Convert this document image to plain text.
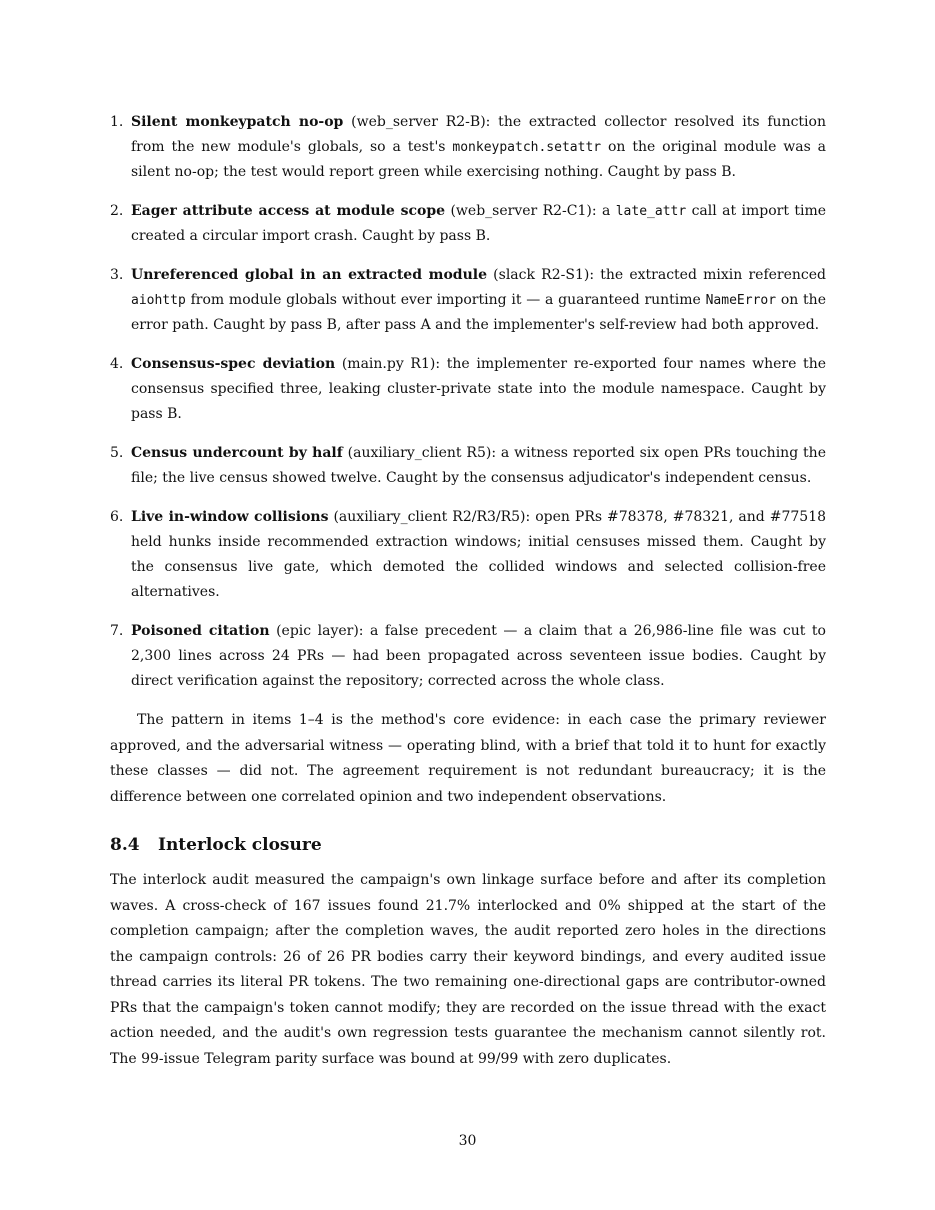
1. Silent monkeypatch no-op (web_server R2-B): the extracted collector resolved its function from the new module's globals, so a test's monkeypatch.setattr on the original module was a silent no-op; the test would report green while exercising nothing. Caught by pass B.
2. Eager attribute access at module scope (web_server R2-C1): a late_attr call at import time created a circular import crash. Caught by pass B.
3. Unreferenced global in an extracted module (slack R2-S1): the extracted mixin referenced aiohttp from module globals without ever importing it — a guaranteed runtime NameError on the error path. Caught by pass B, after pass A and the implementer's self-review had both approved.
4. Consensus-spec deviation (main.py R1): the implementer re-exported four names where the consensus specified three, leaking cluster-private state into the module namespace. Caught by pass B.
5. Census undercount by half (auxiliary_client R5): a witness reported six open PRs touching the file; the live census showed twelve. Caught by the consensus adjudicator's independent census.
6. Live in-window collisions (auxiliary_client R2/R3/R5): open PRs #78378, #78321, and #77518 held hunks inside recommended extraction windows; initial censuses missed them. Caught by the consensus live gate, which demoted the collided windows and selected collision-free alternatives.
7. Poisoned citation (epic layer): a false precedent — a claim that a 26,986-line file was cut to 2,300 lines across 24 PRs — had been propagated across seventeen issue bodies. Caught by direct verification against the repository; corrected across the whole class.

The pattern in items 1–4 is the method's core evidence: in each case the primary reviewer approved, and the adversarial witness — operating blind, with a brief that told it to hunt for exactly these classes — did not. The agreement requirement is not redundant bureaucracy; it is the difference between one correlated opinion and two independent observations.

8.4 Interlock closure

The interlock audit measured the campaign's own linkage surface before and after its completion waves. A cross-check of 167 issues found 21.7% interlocked and 0% shipped at the start of the completion campaign; after the completion waves, the audit reported zero holes in the directions the campaign controls: 26 of 26 PR bodies carry their keyword bindings, and every audited issue thread carries its literal PR tokens. The two remaining one-directional gaps are contributor-owned PRs that the campaign's token cannot modify; they are recorded on the issue thread with the exact action needed, and the audit's own regression tests guarantee the mechanism cannot silently rot. The 99-issue Telegram parity surface was bound at 99/99 with zero duplicates.

30
